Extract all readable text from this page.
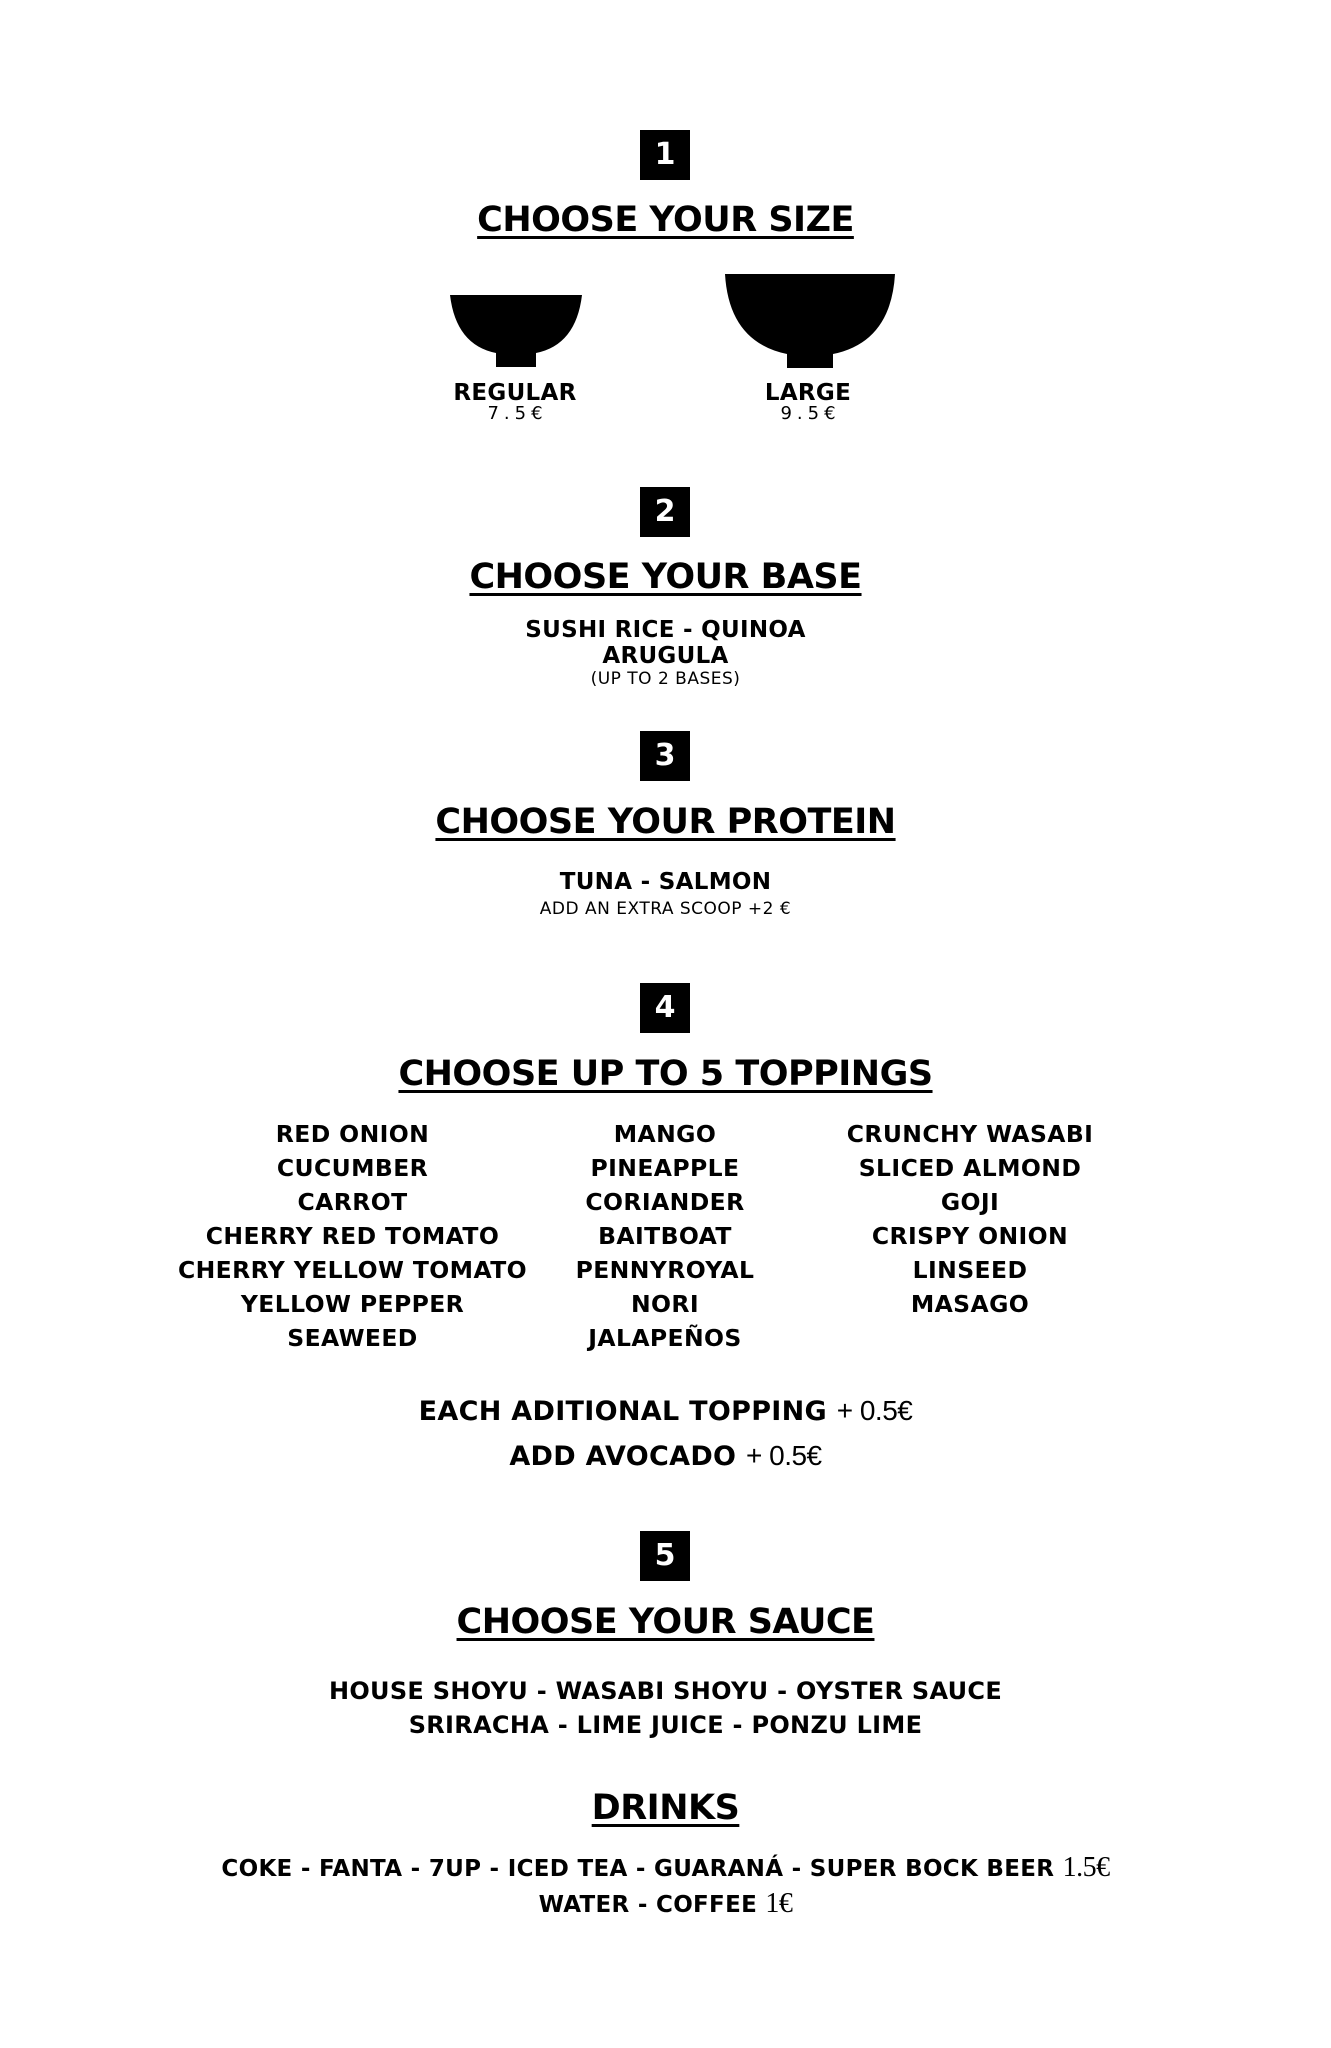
1
CHOOSE YOUR SIZE
REGULAR
7.5€
LARGE
9.5€
2
CHOOSE YOUR BASE
SUSHI RICE - QUINOA
ARUGULA
(UP TO 2 BASES)
3
CHOOSE YOUR PROTEIN
TUNA - SALMON
ADD AN EXTRA SCOOP +2 €
4
CHOOSE UP TO 5 TOPPINGS
RED ONION
CUCUMBER
CARROT
CHERRY RED TOMATO
CHERRY YELLOW TOMATO
YELLOW PEPPER
SEAWEED
MANGO
PINEAPPLE
CORIANDER
BAITBOAT
PENNYROYAL
NORI
JALAPEÑOS
CRUNCHY WASABI
SLICED ALMOND
GOJI
CRISPY ONION
LINSEED
MASAGO
EACH ADITIONAL TOPPING + 0.5€
ADD AVOCADO + 0.5€
5
CHOOSE YOUR SAUCE
HOUSE SHOYU - WASABI SHOYU - OYSTER SAUCE
SRIRACHA - LIME JUICE - PONZU LIME
DRINKS
COKE - FANTA - 7UP - ICED TEA - GUARANÁ - SUPER BOCK BEER 1.5€
WATER - COFFEE 1€
